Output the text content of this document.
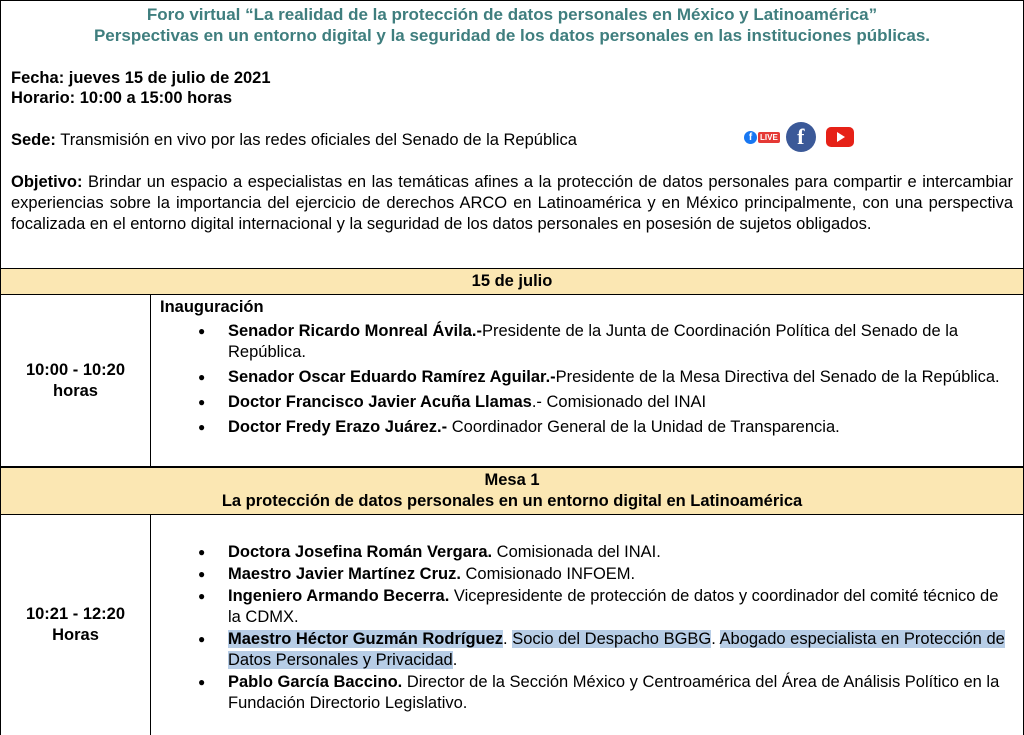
Foro virtual “La realidad de la protección de datos personales en México y Latinoamérica”
Perspectivas en un entorno digital y la seguridad de los datos personales en las instituciones públicas.
Fecha: jueves 15 de julio de 2021
Horario: 10:00 a 15:00 horas
Sede: Transmisión en vivo por las redes oficiales del Senado de la República	f LIVE f
Objetivo: Brindar un espacio a especialistas en las temáticas afines a la protección de datos personales para compartir e intercambiar experiencias sobre la importancia del ejercicio de derechos ARCO en Latinoamérica y en México principalmente, con una perspectiva focalizada en el entorno digital internacional y la seguridad de los datos personales en posesión de sujetos obligados.
15 de julio
10:00 - 10:20
horas
Inauguración
● Senador Ricardo Monreal Ávila.-Presidente de la Junta de Coordinación Política del Senado de la República.
● Senador Oscar Eduardo Ramírez Aguilar.-Presidente de la Mesa Directiva del Senado de la República.
● Doctor Francisco Javier Acuña Llamas.- Comisionado del INAI
● Doctor Fredy Erazo Juárez.- Coordinador General de la Unidad de Transparencia.
Mesa 1
La protección de datos personales en un entorno digital en Latinoamérica
10:21 - 12:20
Horas
● Doctora Josefina Román Vergara. Comisionada del INAI.
● Maestro Javier Martínez Cruz. Comisionado INFOEM.
● Ingeniero Armando Becerra. Vicepresidente de protección de datos y coordinador del comité técnico de la CDMX.
● Maestro Héctor Guzmán Rodríguez. Socio del Despacho BGBG. Abogado especialista en Protección de Datos Personales y Privacidad.
● Pablo García Baccino. Director de la Sección México y Centroamérica del Área de Análisis Político en la Fundación Directorio Legislativo.
